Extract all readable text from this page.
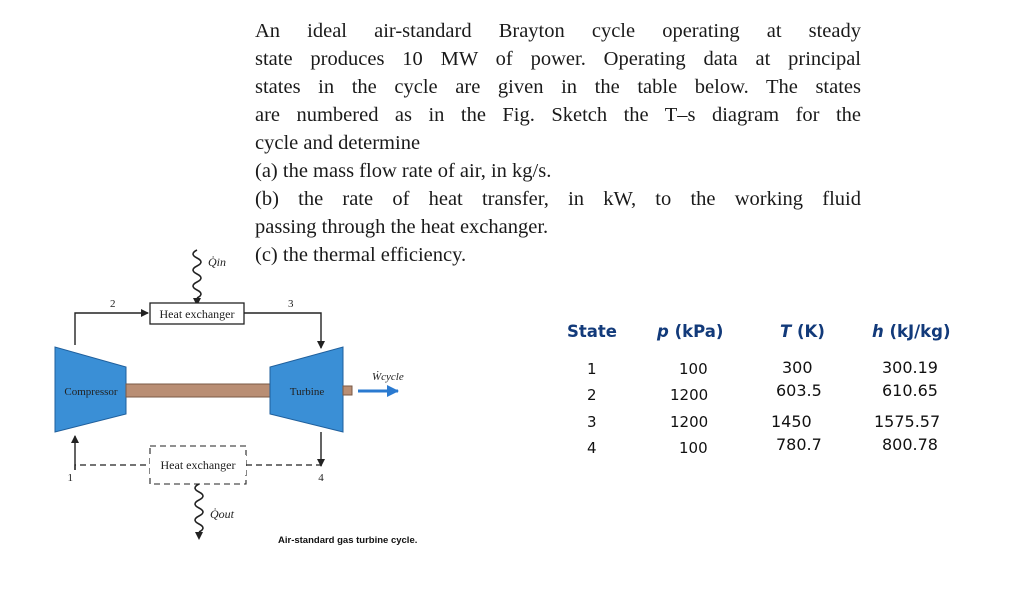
An ideal air-standard Brayton cycle operating at steady
state produces 10 MW of power. Operating data at principal
states in the cycle are given in the table below. The states
are numbered as in the Fig. Sketch the T–s diagram for the
cycle and determine
(a) the mass flow rate of air, in kg/s.
(b) the rate of heat transfer, in kW, to the working fluid
passing through the heat exchanger.
(c) the thermal efficiency.
Q̇in
Heat exchanger
2	3
Compressor	Turbine
Ẇcycle
Heat exchanger
1	4
Q̇out
Air-standard gas turbine cycle.
State p (kPa)	T (K)	h (kJ/kg)
1	100	300	300.19
2	1200	603.5	610.65
3	1200	1450	1575.57
4	100	780.7	800.78
